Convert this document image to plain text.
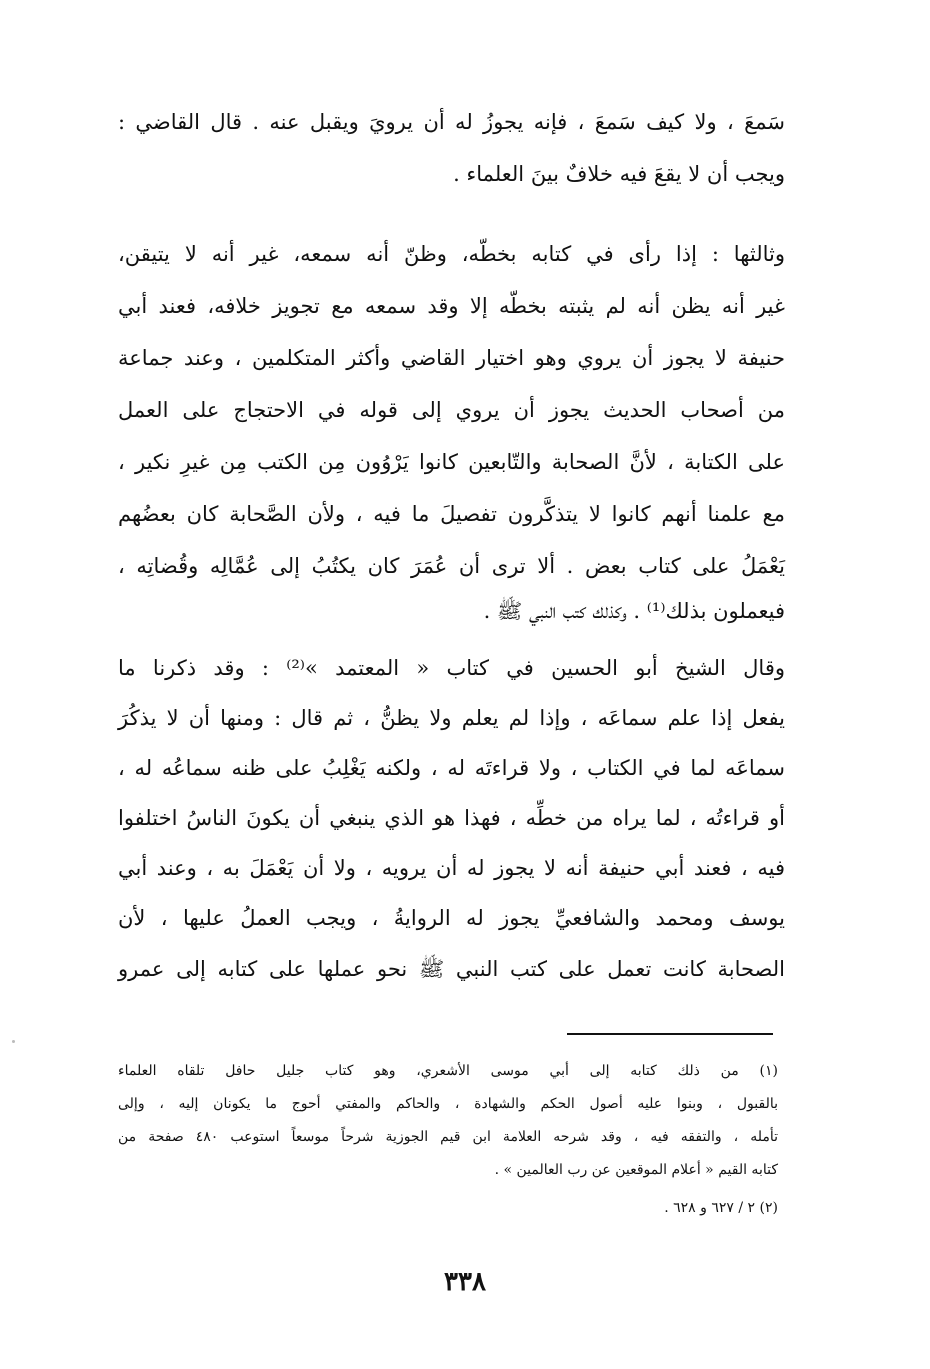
سَمعَ ، ولا كيف سَمعَ ، فإنه يجوزُ له أن يرويَ ويقبل عنه . قال القاضي :
ويجب أن لا يقعَ فيه خلافٌ بينَ العلماء .
وثالثها : إذا رأى في كتابه بخطّه، وظنّ أنه سمعه، غير أنه لا يتيقن،
غير أنه يظن أنه لم يثبته بخطّه إلا وقد سمعه مع تجويز خلافه، فعند أبي
حنيفة لا يجوز أن يروي وهو اختيار القاضي وأكثر المتكلمين ، وعند جماعة
من أصحاب الحديث يجوز أن يروي إلى قوله في الاحتجاج على العمل
على الكتابة ، لأنَّ الصحابة والتّابعين كانوا يَرْوُون مِن الكتب مِن غيرِ نكير ،
مع علمنا أنهم كانوا لا يتذكَّرون تفصيلَ ما فيه ، ولأن الصَّحابة كان بعضُهم
يَعْمَلُ على كتاب بعض . ألا ترى أن عُمَرَ كان يكتُبُ إلى عُمَّالِه وقُضاتِه ،
فيعملون بذلك⁽¹⁾ . وكذلك كتب النبي ﷺ .
وقال الشيخ أبو الحسين في كتاب « المعتمد »⁽²⁾ : وقد ذكرنا ما
يفعل إذا علم سماعَه ، وإذا لم يعلم ولا يظنُّ ، ثم قال : ومنها أن لا يذكُرَ
سماعَه لما في الكتاب ، ولا قراءتَه له ، ولكنه يَغْلِبُ على ظنه سماعُه له ،
أو قراءتُه ، لما يراه من خطِّه ، فهذا هو الذي ينبغي أن يكونَ الناسُ اختلفوا
فيه ، فعند أبي حنيفة أنه لا يجوز له أن يرويه ، ولا أن يَعْمَلَ به ، وعند أبي
يوسف ومحمد والشافعيِّ يجوز له الروايةُ ، ويجب العملُ عليها ، لأن
الصحابة كانت تعمل على كتب النبي ﷺ نحو عملها على كتابه إلى عمرو
(١) من ذلك كتابه إلى أبي موسى الأشعري، وهو كتاب جليل حافل تلقاه العلماء
بالقبول ، وبنوا عليه أصول الحكم والشهادة ، والحاكم والمفتي أحوج ما يكونان إليه ، وإلى
تأمله ، والتفقه فيه ، وقد شرحه العلامة ابن قيم الجوزية شرحاً موسعاً استوعب ٤٨٠ صفحة من
كتابه القيم « أعلام الموقعين عن رب العالمين » .
(٢) ٢ / ٦٢٧ و ٦٢٨ .
٣٣٨
